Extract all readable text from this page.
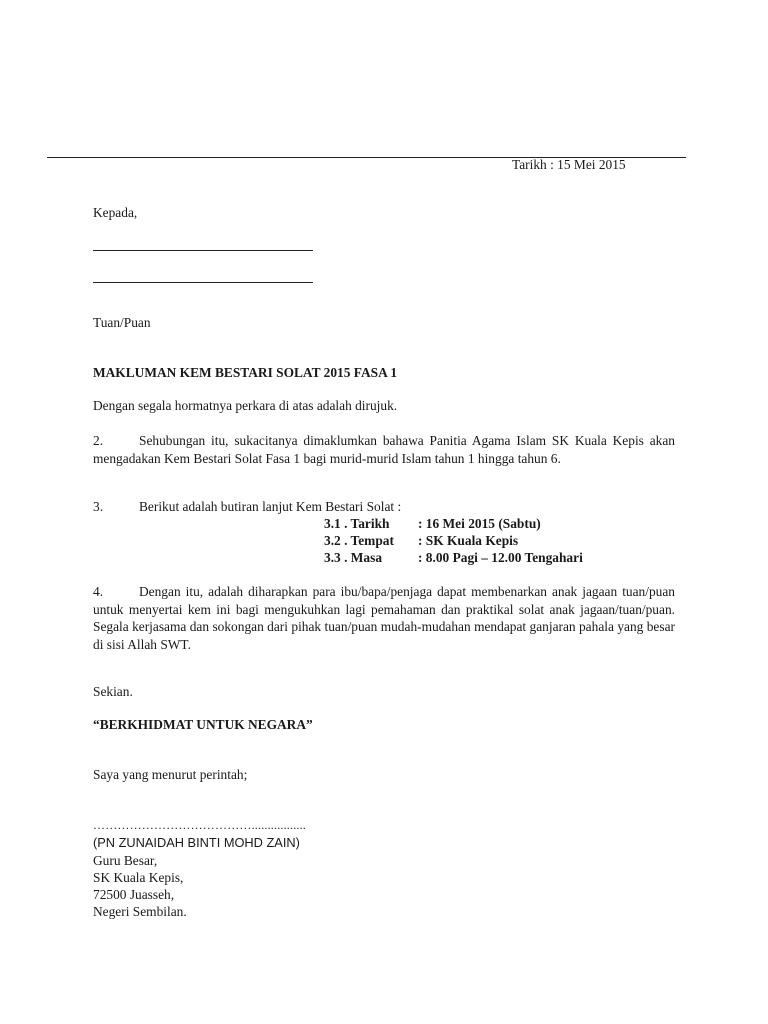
Tarikh : 15 Mei 2015
Kepada,
Tuan/Puan
MAKLUMAN KEM BESTARI SOLAT 2015 FASA 1
Dengan segala hormatnya perkara di atas adalah dirujuk.
2.	Sehubungan itu, sukacitanya dimaklumkan bahawa Panitia Agama Islam SK Kuala Kepis akan mengadakan Kem Bestari Solat Fasa 1 bagi murid-murid Islam tahun 1 hingga tahun 6.
3.	Berikut adalah butiran lanjut Kem Bestari Solat :
3.1 . Tarikh : 16 Mei 2015 (Sabtu)
3.2 . Tempat : SK Kuala Kepis
3.3 . Masa	: 8.00 Pagi – 12.00 Tengahari
4.	Dengan itu, adalah diharapkan para ibu/bapa/penjaga dapat membenarkan anak jagaan tuan/puan untuk menyertai kem ini bagi mengukuhkan lagi pemahaman dan praktikal solat anak jagaan/tuan/puan. Segala kerjasama dan sokongan dari pihak tuan/puan mudah-mudahan mendapat ganjaran pahala yang besar di sisi Allah SWT.
Sekian.
“BERKHIDMAT UNTUK NEGARA”
Saya yang menurut perintah;
………………………………….................
(PN ZUNAIDAH BINTI MOHD ZAIN)
Guru Besar,
SK Kuala Kepis,
72500 Juasseh,
Negeri Sembilan.
